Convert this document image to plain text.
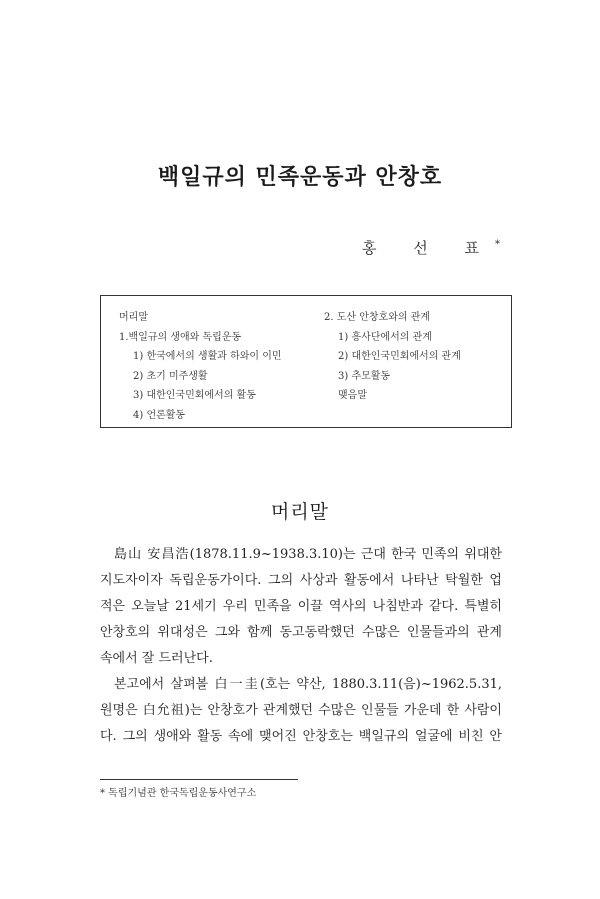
백일규의 민족운동과 안창호
홍 선 표*
머리말
1.백일규의 생애와 독립운동
1) 한국에서의 생활과 하와이 이민
2) 초기 미주생활
3) 대한인국민회에서의 활동
4) 언론활동
2. 도산 안창호와의 관계
1) 흥사단에서의 관계
2) 대한인국민회에서의 관계
3) 추모활동
맺음말
머리말
島山 安昌浩(1878.11.9~1938.3.10)는 근대 한국 민족의 위대한
지도자이자 독립운동가이다. 그의 사상과 활동에서 나타난 탁월한 업
적은 오늘날 21세기 우리 민족을 이끌 역사의 나침반과 같다. 특별히
안창호의 위대성은 그와 함께 동고동락했던 수많은 인물들과의 관계
속에서 잘 드러난다.
본고에서 살펴볼 白一圭(호는 약산, 1880.3.11(음)~1962.5.31,
원명은 白允祖)는 안창호가 관계했던 수많은 인물들 가운데 한 사람이
다. 그의 생애와 활동 속에 맺어진 안창호는 백일규의 얼굴에 비친 안
* 독립기념관 한국독립운동사연구소
